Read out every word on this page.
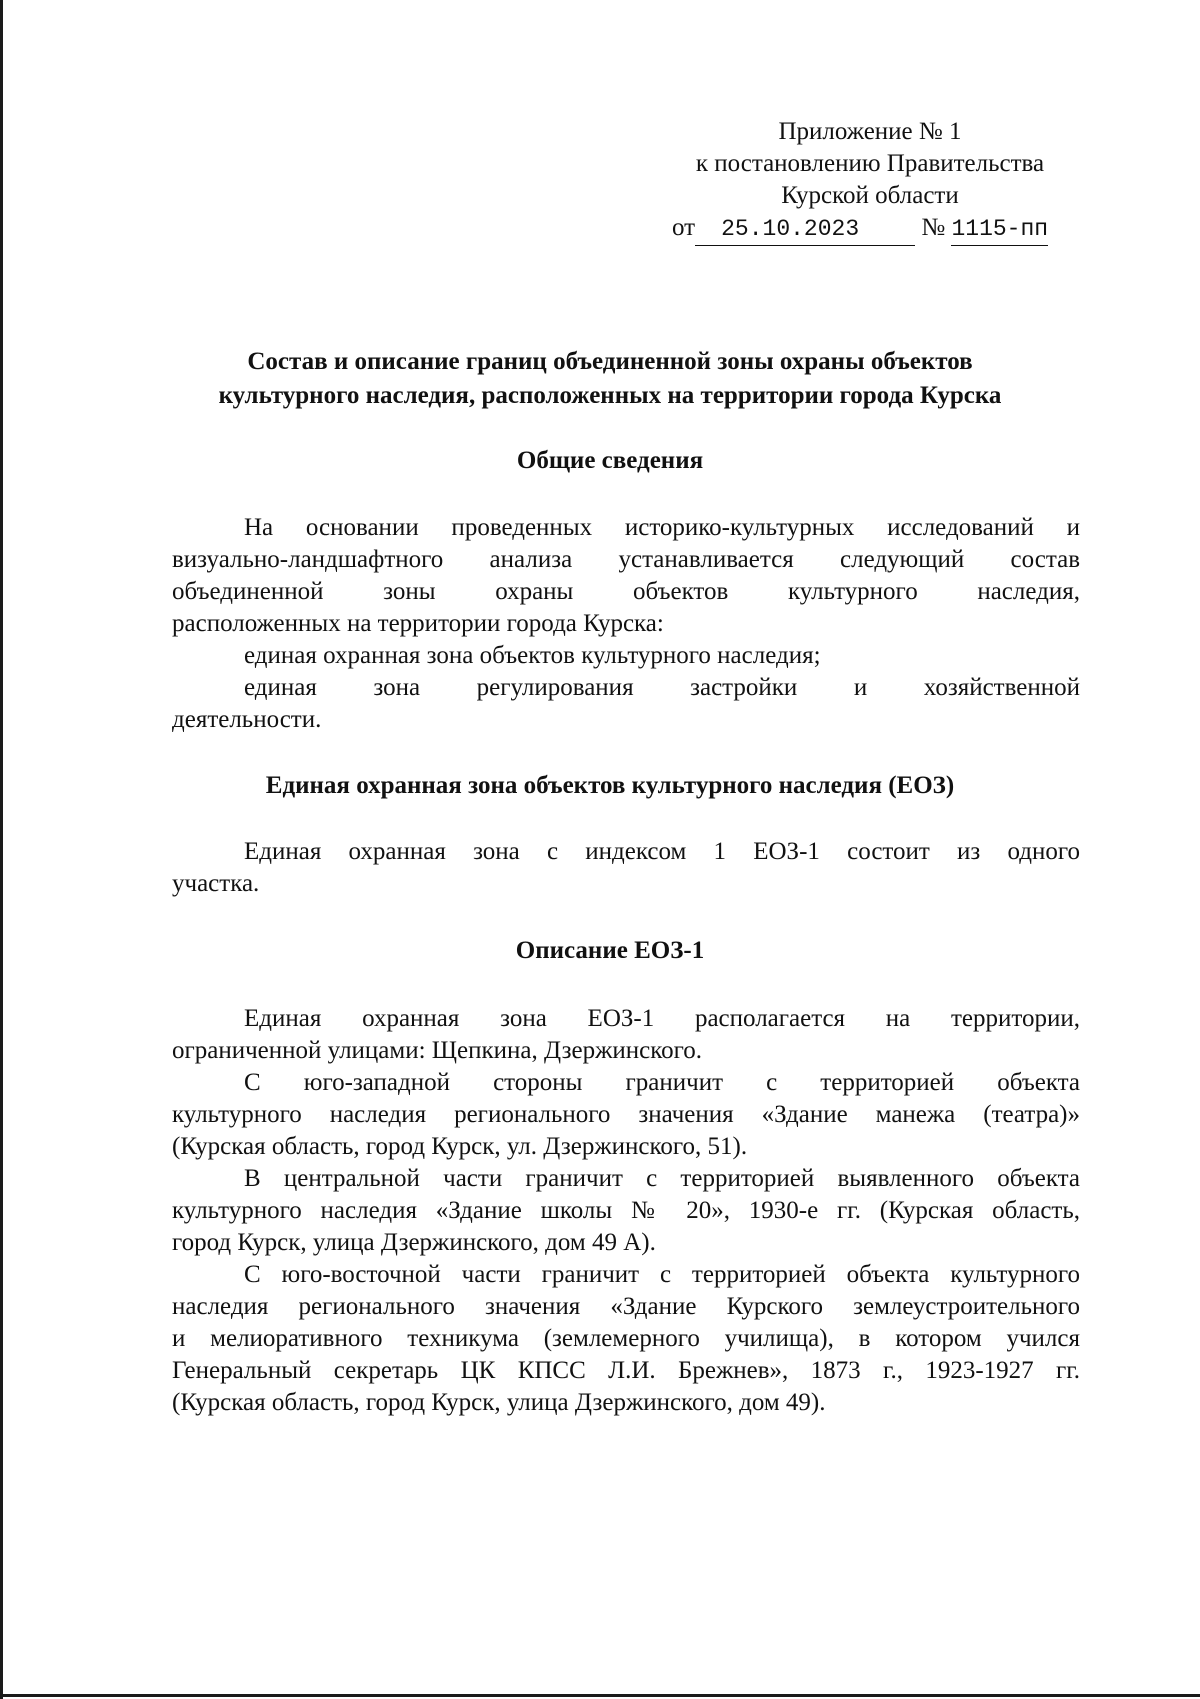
Приложение № 1
к постановлению Правительства
Курской области
от 25.10.2023 № 1115-пп
Состав и описание границ объединенной зоны охраны объектов
культурного наследия, расположенных на территории города Курска
Общие сведения
На основании проведенных историко-культурных исследований и
визуально-ландшафтного анализа устанавливается следующий состав
объединенной зоны охраны объектов культурного наследия,
расположенных на территории города Курска:
единая охранная зона объектов культурного наследия;
единая зона регулирования застройки и хозяйственной
деятельности.
Единая охранная зона объектов культурного наследия (ЕОЗ)
Единая охранная зона с индексом 1 ЕОЗ-1 состоит из одного
участка.
Описание ЕОЗ-1
Единая охранная зона ЕОЗ-1 располагается на территории,
ограниченной улицами: Щепкина, Дзержинского.
С юго-западной стороны граничит с территорией объекта
культурного наследия регионального значения «Здание манежа (театра)»
(Курская область, город Курск, ул. Дзержинского, 51).
В центральной части граничит с территорией выявленного объекта
культурного наследия «Здание школы № 20», 1930-е гг. (Курская область,
город Курск, улица Дзержинского, дом 49 А).
С юго-восточной части граничит с территорией объекта культурного
наследия регионального значения «Здание Курского землеустроительного
и мелиоративного техникума (землемерного училища), в котором учился
Генеральный секретарь ЦК КПСС Л.И. Брежнев», 1873 г., 1923-1927 гг.
(Курская область, город Курск, улица Дзержинского, дом 49).
